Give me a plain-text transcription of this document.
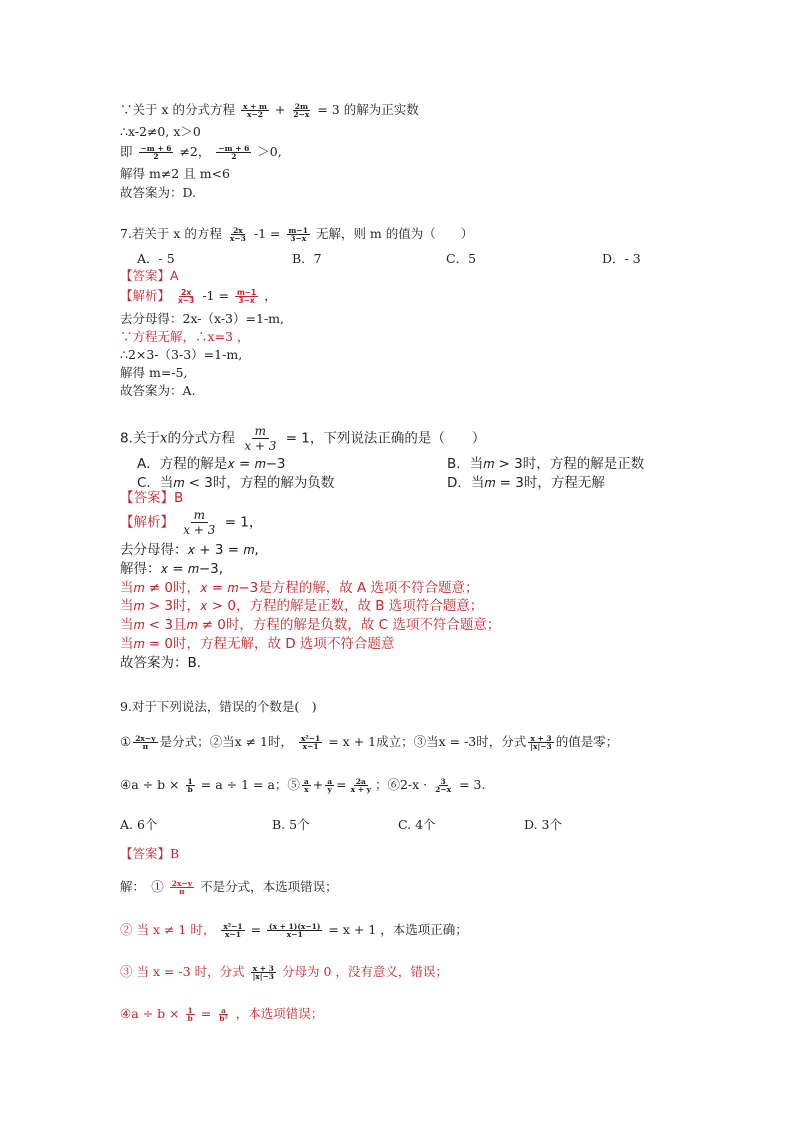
∵关于 x 的分式方程 $\frac{x + m}{x-2} + \frac{2m}{2-x} = 3$ 的解为正实数
∴x-2≠0, x＞0
即 $\frac{-m + 6}{2} \ne 2$， $\frac{-m + 6}{2} >0$,
解得 m≠2 且 m<6
故答案为：D.
7.若关于 x 的方程 $\frac{2x}{x-3} -1 = \frac{m-1}{3-x}$ 无解，则 m 的值为（　　）
A．- 5	B．7	C．5	D．- 3
【答案】A
【解析】 $\frac{2x}{x-3} -1 = \frac{m-1}{3-x}$ ，
去分母得：2x-（x-3）=1-m,
∵方程无解，∴x=3 ，
∴2×3-（3-3）=1-m,
解得 m=-5,
故答案为：A.
8.关于x的分式方程 $\frac{m}{x + 3} = 1$，下列说法正确的是（　　）
A．方程的解是𝑥 = 𝑚−3	B．当𝑚 > 3时，方程的解是正数
C．当𝑚 < 3时，方程的解为负数	D．当𝑚 = 3时，方程无解
【答案】B
【解析】 $\frac{m}{x + 3} = 1$，
去分母得：𝑥 + 3 = 𝑚,
解得：𝑥 = 𝑚−3,
当𝑚 ≠ 0时，𝑥 = 𝑚−3是方程的解，故 A 选项不符合题意；
当𝑚 > 3时，𝑥 > 0，方程的解是正数，故 B 选项符合题意；
当𝑚 < 3且𝑚 ≠ 0时，方程的解是负数，故 C 选项不符合题意；
当𝑚 = 0时，方程无解，故 D 选项不符合题意
故答案为：B.
9.对于下列说法，错误的个数是(　)
① $\frac{2x-y}{\pi}$ 是分式；②当x ≠ 1时， $\frac{\text{x²−1}}{x-1} = x + 1$成立；③当x = -3时，分式 $\frac{x + 3}{|x|-3}$ 的值是零；
④a ÷ $b \times \frac{1}{b} = a \div 1 = a$；⑤ $\frac{a}{x} + \frac{a}{y} = \frac{2a}{x + y}$ ；⑥2-x · $\frac{3}{2-x} = 3$.
A. 6个	B. 5个	C. 4个	D. 3个
【答案】B
解：　① $\frac{2x-y}{\pi}$ 不是分式，本选项错误；
② 当 x ≠ 1 时， $\frac{\text{x²−1}}{x-1} = \frac{(x + 1)(x-1)}{x-1} = x + 1$ ，本选项正确；
③ 当 x = -3 时，分式 $\frac{x + 3}{|x|-3}$ 分母为 0 ，没有意义，错误；
④a ÷ $b \times \frac{1}{b} = \frac{a}{\text{b²}}$ ，本选项错误；
